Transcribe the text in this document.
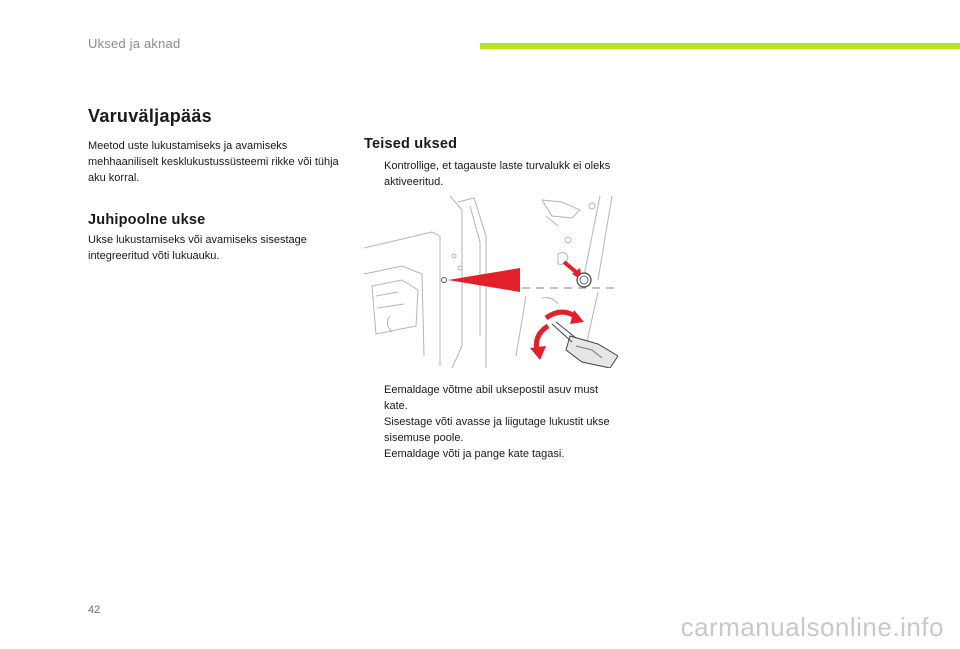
Uksed ja aknad
Varuväljapääs
Meetod uste lukustamiseks ja avamiseks mehhaaniliselt kesklukustussüsteemi rikke või tühja aku korral.
Juhipoolne ukse
Ukse lukustamiseks või avamiseks sisestage integreeritud võti lukuauku.
Teised uksed
Kontrollige, et tagauste laste turvalukk ei oleks aktiveeritud.
Eemaldage võtme abil uksepostil asuv must kate.
Sisestage võti avasse ja liigutage lukustit ukse sisemuse poole.
Eemaldage võti ja pange kate tagasi.
42
carmanualsonline.info
